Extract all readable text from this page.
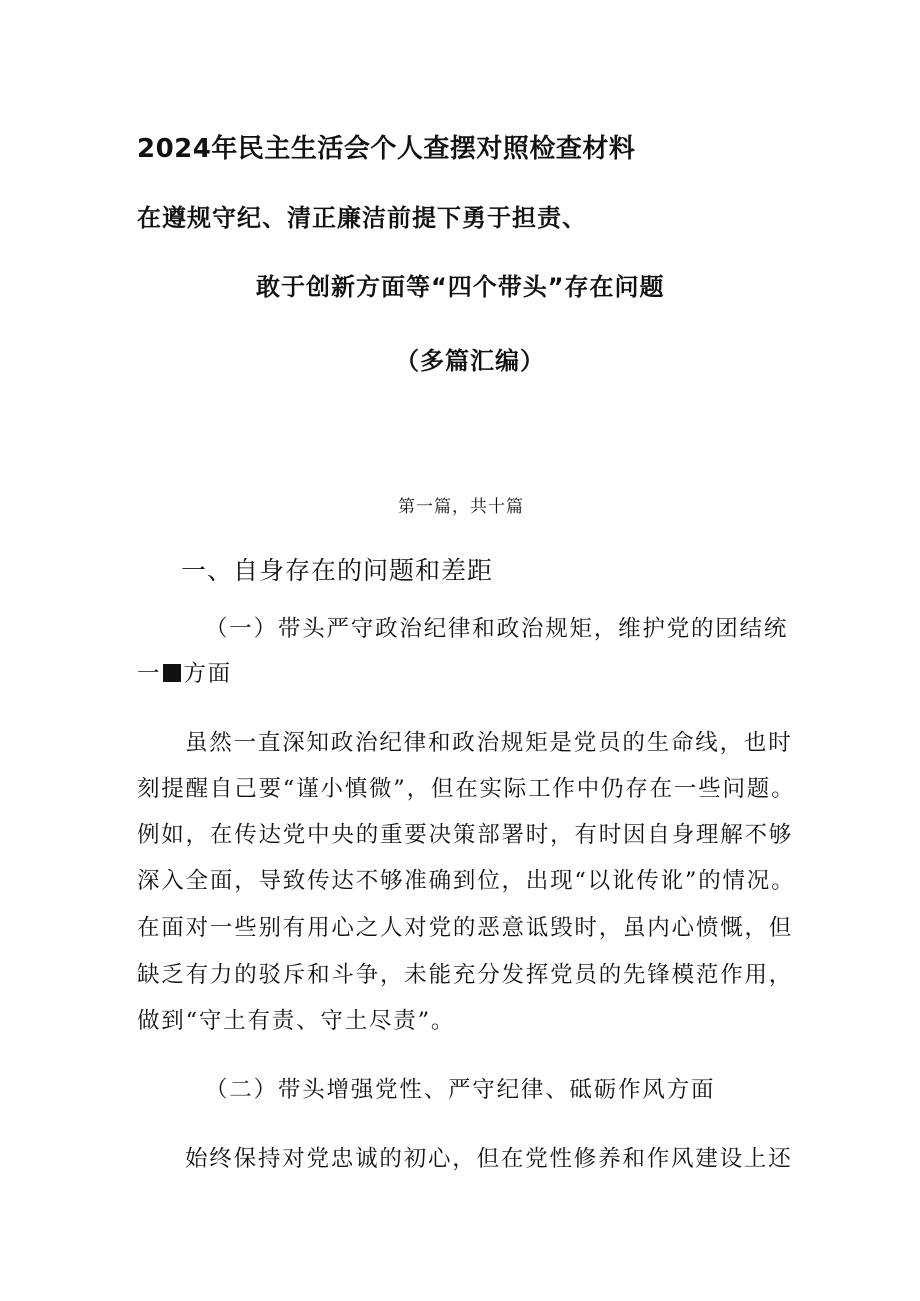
2024年民主生活会个人查摆对照检查材料
在遵规守纪、清正廉洁前提下勇于担责、
敢于创新方面等“四个带头”存在问题
（多篇汇编）
第一篇，共十篇
一、自身存在的问题和差距
（一）带头严守政治纪律和政治规矩，维护党的团结统
一 方面
虽然一直深知政治纪律和政治规矩是党员的生命线，也时
刻提醒自己要“谨小慎微”，但在实际工作中仍存在一些问题。
例如，在传达党中央的重要决策部署时，有时因自身理解不够
深入全面，导致传达不够准确到位，出现“以讹传讹”的情况。
在面对一些别有用心之人对党的恶意诋毁时，虽内心愤慨，但
缺乏有力的驳斥和斗争，未能充分发挥党员的先锋模范作用，
做到“守土有责、守土尽责”。
（二）带头增强党性、严守纪律、砥砺作风方面
始终保持对党忠诚的初心，但在党性修养和作风建设上还
